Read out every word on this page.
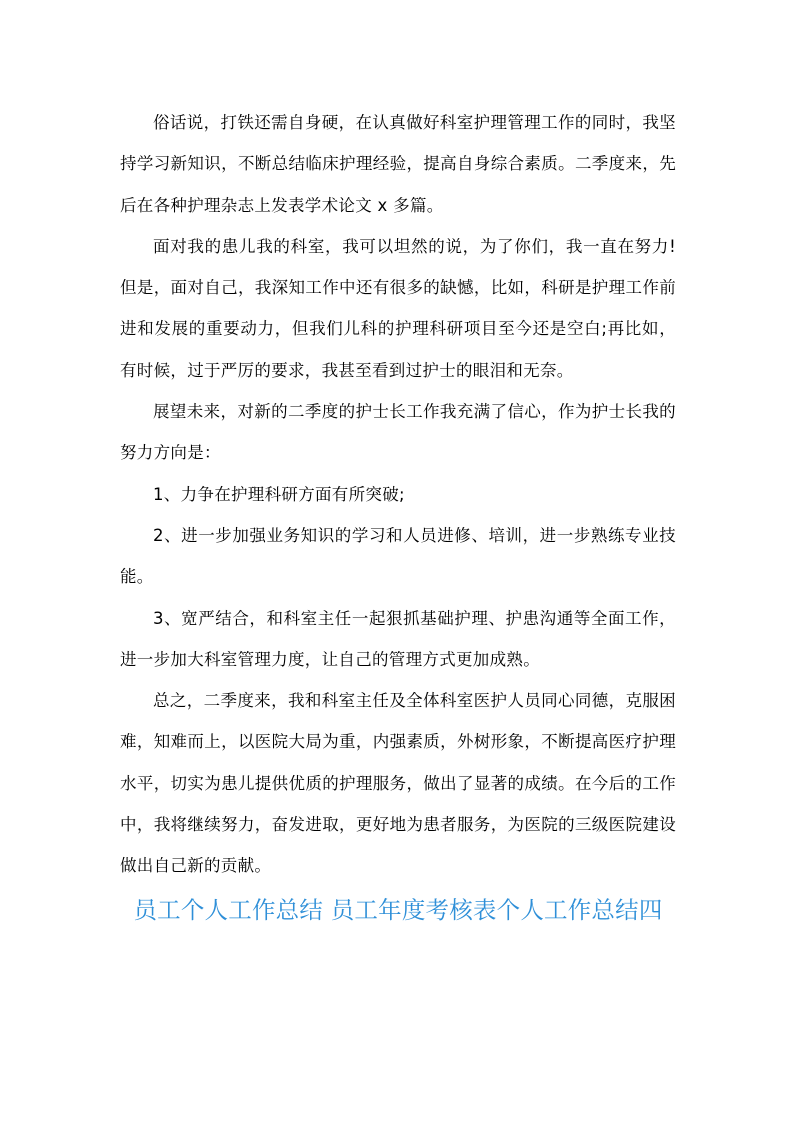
俗话说，打铁还需自身硬，在认真做好科室护理管理工作的同时，我坚持学习新知识，不断总结临床护理经验，提高自身综合素质。二季度来，先后在各种护理杂志上发表学术论文 x 多篇。

面对我的患儿我的科室，我可以坦然的说，为了你们，我一直在努力!但是，面对自己，我深知工作中还有很多的缺憾，比如，科研是护理工作前进和发展的重要动力，但我们儿科的护理科研项目至今还是空白;再比如，有时候，过于严厉的要求，我甚至看到过护士的眼泪和无奈。

展望未来，对新的二季度的护士长工作我充满了信心，作为护士长我的努力方向是：

1、力争在护理科研方面有所突破;

2、进一步加强业务知识的学习和人员进修、培训，进一步熟练专业技能。

3、宽严结合，和科室主任一起狠抓基础护理、护患沟通等全面工作，进一步加大科室管理力度，让自己的管理方式更加成熟。

总之，二季度来，我和科室主任及全体科室医护人员同心同德，克服困难，知难而上，以医院大局为重，内强素质，外树形象，不断提高医疗护理水平，切实为患儿提供优质的护理服务，做出了显著的成绩。在今后的工作中，我将继续努力，奋发进取，更好地为患者服务，为医院的三级医院建设做出自己新的贡献。

员工个人工作总结 员工年度考核表个人工作总结四
